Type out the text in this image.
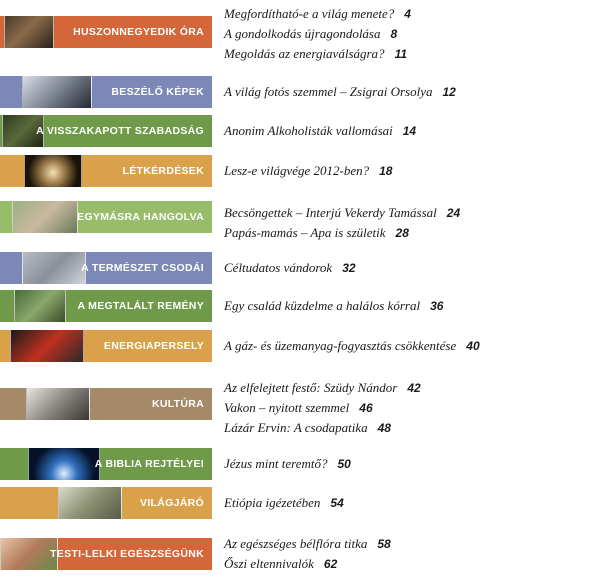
HUSZONNEGYEDIK ÓRA
Megfordítható-e a világ menete? 4
A gondolkodás újragondolása 8
Megoldás az energiaválságra? 11
BESZÉLŐ KÉPEK A világ fotós szemmel – Zsigrai Orsolya 12
A VISSZAKAPOTT SZABADSÁG Anonim Alkoholisták vallomásai 14
LÉTKÉRDÉSEK Lesz-e világvége 2012-ben? 18
EGYMÁSRA HANGOLVA Becsöngettek – Interjú Vekerdy Tamással 24
Papás-mamás – Apa is születik 28
A TERMÉSZET CSODÁI Céltudatos vándorok 32
A MEGTALÁLT REMÉNY Egy család küzdelme a halálos kórral 36
ENERGIAPERSELY A gáz- és üzemanyag-fogyasztás csökkentése 40
KULTÚRA
Az elfelejtett festő: Szüdy Nándor 42
Vakon – nyitott szemmel 46
Lázár Ervin: A csodapatika 48
A BIBLIA REJTÉLYEI Jézus mint teremtő? 50
VILÁGJÁRÓ Etiópia igézetében 54
TESTI-LELKI EGÉSZSÉGÜNK
Az egészséges bélflóra titka 58
Őszi eltennivalók 62
